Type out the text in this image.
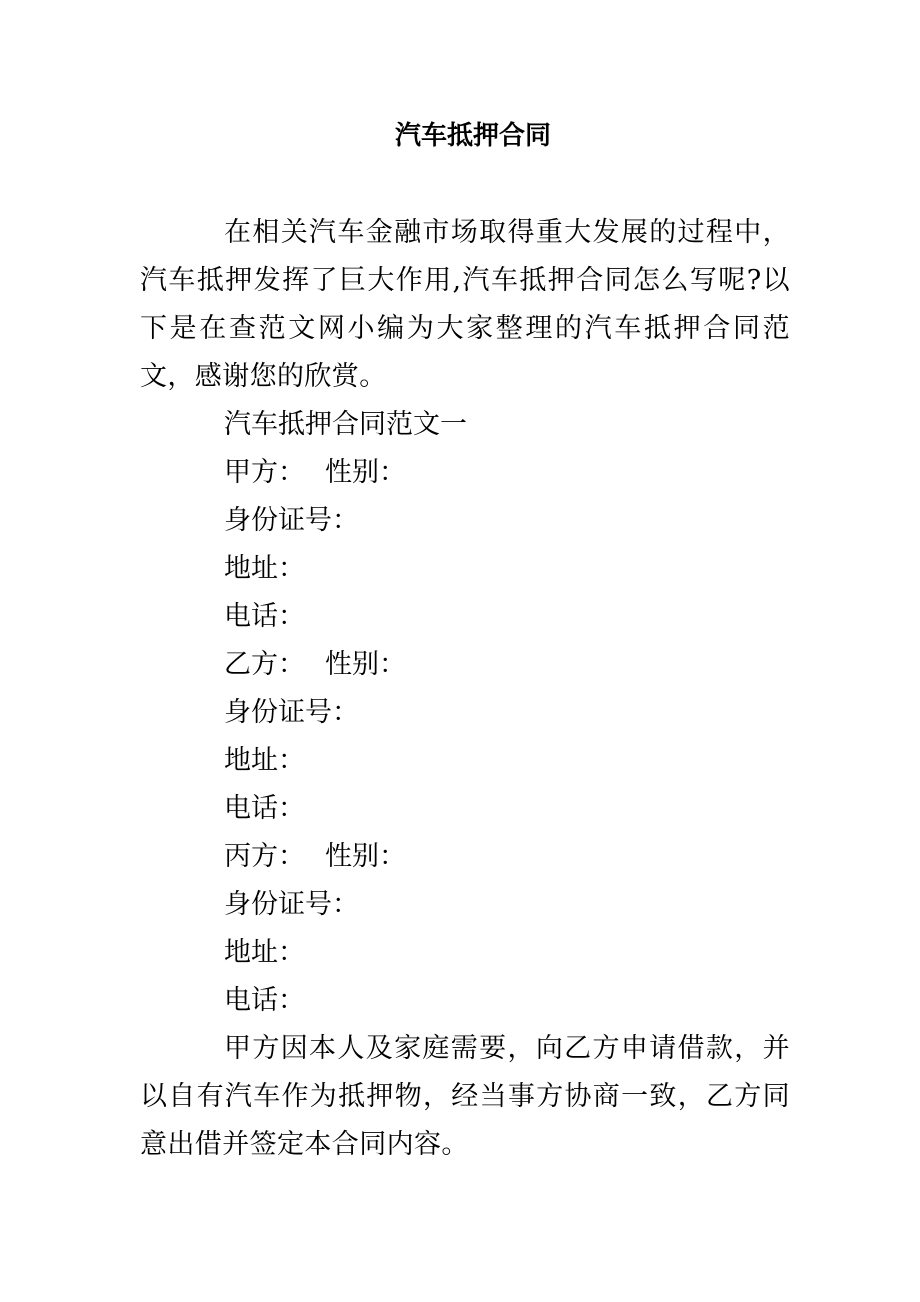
汽车抵押合同

在相关汽车金融市场取得重大发展的过程中，汽车抵押发挥了巨大作用,汽车抵押合同怎么写呢?以下是在查范文网小编为大家整理的汽车抵押合同范文，感谢您的欣赏。

汽车抵押合同范文一

甲方： 性别：

身份证号：

地址：

电话：

乙方： 性别：

身份证号：

地址：

电话：

丙方： 性别：

身份证号：

地址：

电话：

甲方因本人及家庭需要，向乙方申请借款，并以自有汽车作为抵押物，经当事方协商一致，乙方同意出借并签定本合同内容。
